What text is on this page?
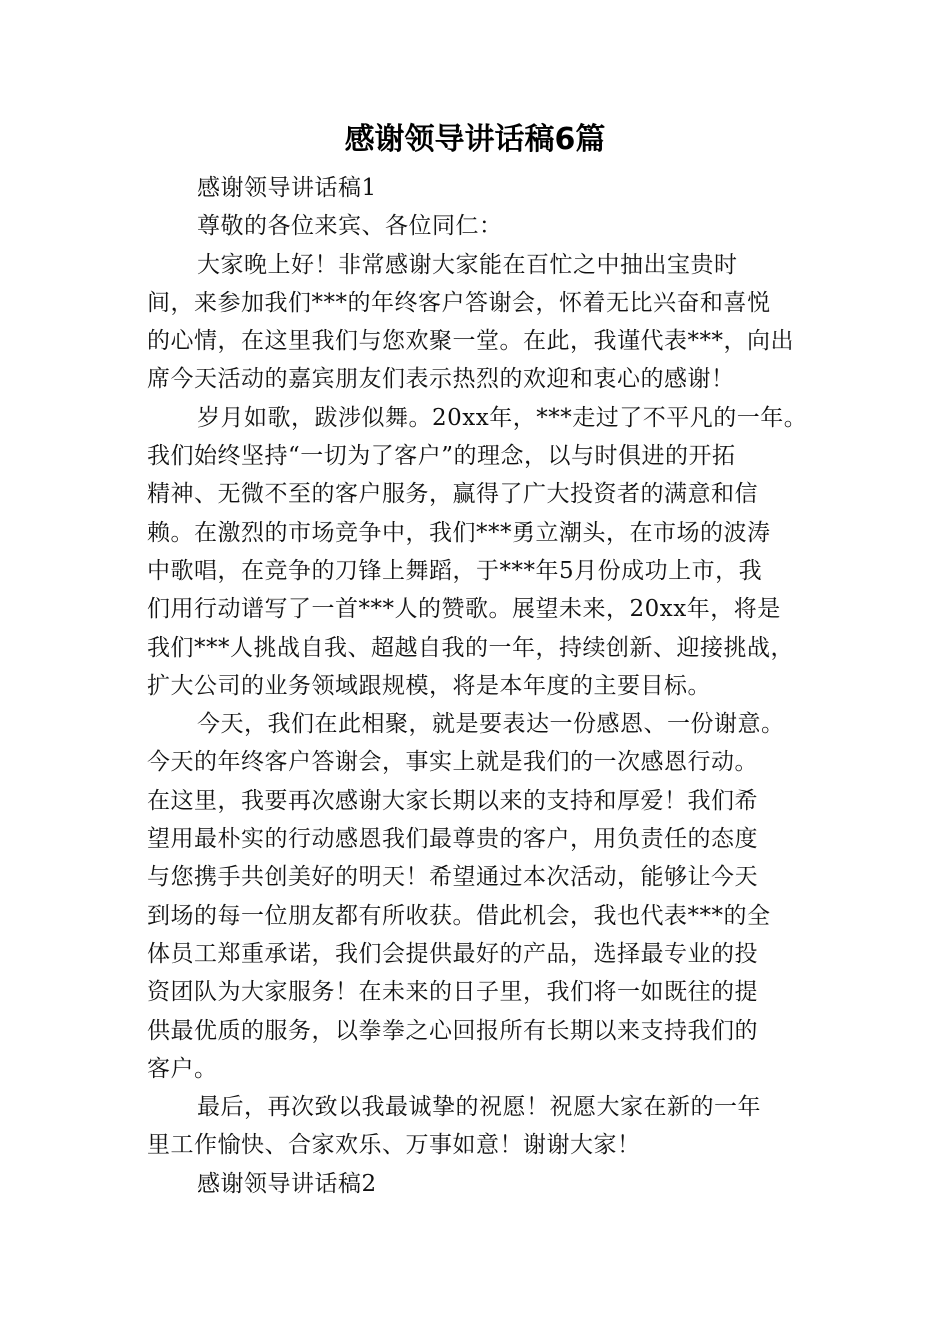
感谢领导讲话稿6篇
感谢领导讲话稿1
尊敬的各位来宾、各位同仁：
大家晚上好！非常感谢大家能在百忙之中抽出宝贵时
间，来参加我们***的年终客户答谢会，怀着无比兴奋和喜悦
的心情，在这里我们与您欢聚一堂。在此，我谨代表***，向出
席今天活动的嘉宾朋友们表示热烈的欢迎和衷心的感谢！
岁月如歌，跋涉似舞。20xx年，***走过了不平凡的一年。
我们始终坚持“一切为了客户”的理念，以与时俱进的开拓
精神、无微不至的客户服务，赢得了广大投资者的满意和信
赖。在激烈的市场竞争中，我们***勇立潮头，在市场的波涛
中歌唱，在竞争的刀锋上舞蹈，于***年5月份成功上市，我
们用行动谱写了一首***人的赞歌。展望未来，20xx年，将是
我们***人挑战自我、超越自我的一年，持续创新、迎接挑战，
扩大公司的业务领域跟规模，将是本年度的主要目标。
今天，我们在此相聚，就是要表达一份感恩、一份谢意。
今天的年终客户答谢会，事实上就是我们的一次感恩行动。
在这里，我要再次感谢大家长期以来的支持和厚爱！我们希
望用最朴实的行动感恩我们最尊贵的客户，用负责任的态度
与您携手共创美好的明天！希望通过本次活动，能够让今天
到场的每一位朋友都有所收获。借此机会，我也代表***的全
体员工郑重承诺，我们会提供最好的产品，选择最专业的投
资团队为大家服务！在未来的日子里，我们将一如既往的提
供最优质的服务，以拳拳之心回报所有长期以来支持我们的
客户。
最后，再次致以我最诚挚的祝愿！祝愿大家在新的一年
里工作愉快、合家欢乐、万事如意！谢谢大家！
感谢领导讲话稿2
